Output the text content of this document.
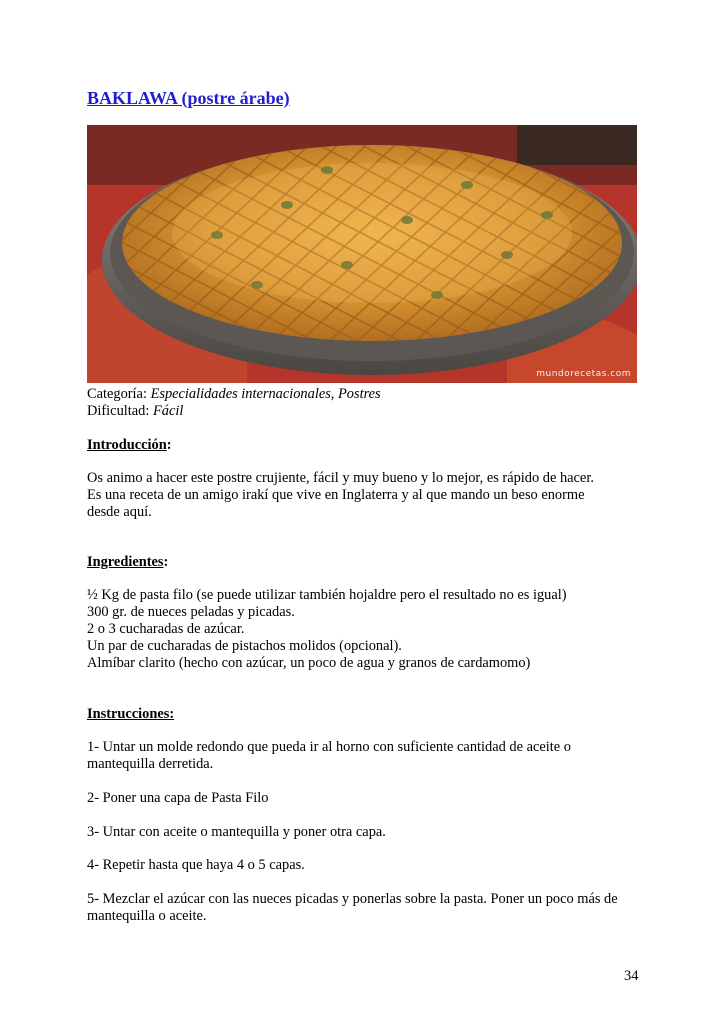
BAKLAWA (postre árabe)
mundorecetas.com
Categoría: Especialidades internacionales, Postres
Dificultad: Fácil
Introducción:
Os animo a hacer este postre crujiente, fácil y muy bueno y lo mejor, es rápido de hacer.
Es una receta de un amigo irakí que vive en Inglaterra y al que mando un beso enorme
desde aquí.
Ingredientes:
½ Kg de pasta filo (se puede utilizar también hojaldre pero el resultado no es igual)
300 gr. de nueces peladas y picadas.
2 o 3 cucharadas de azúcar.
Un par de cucharadas de pistachos molidos (opcional).
Almíbar clarito (hecho con azúcar, un poco de agua y granos de cardamomo)
Instrucciones:
1- Untar un molde redondo que pueda ir al horno con suficiente cantidad de aceite o
mantequilla derretida.
2- Poner una capa de Pasta Filo
3- Untar con aceite o mantequilla y poner otra capa.
4- Repetir hasta que haya 4 o 5 capas.
5- Mezclar el azúcar con las nueces picadas y ponerlas sobre la pasta. Poner un poco más de
mantequilla o aceite.
34
